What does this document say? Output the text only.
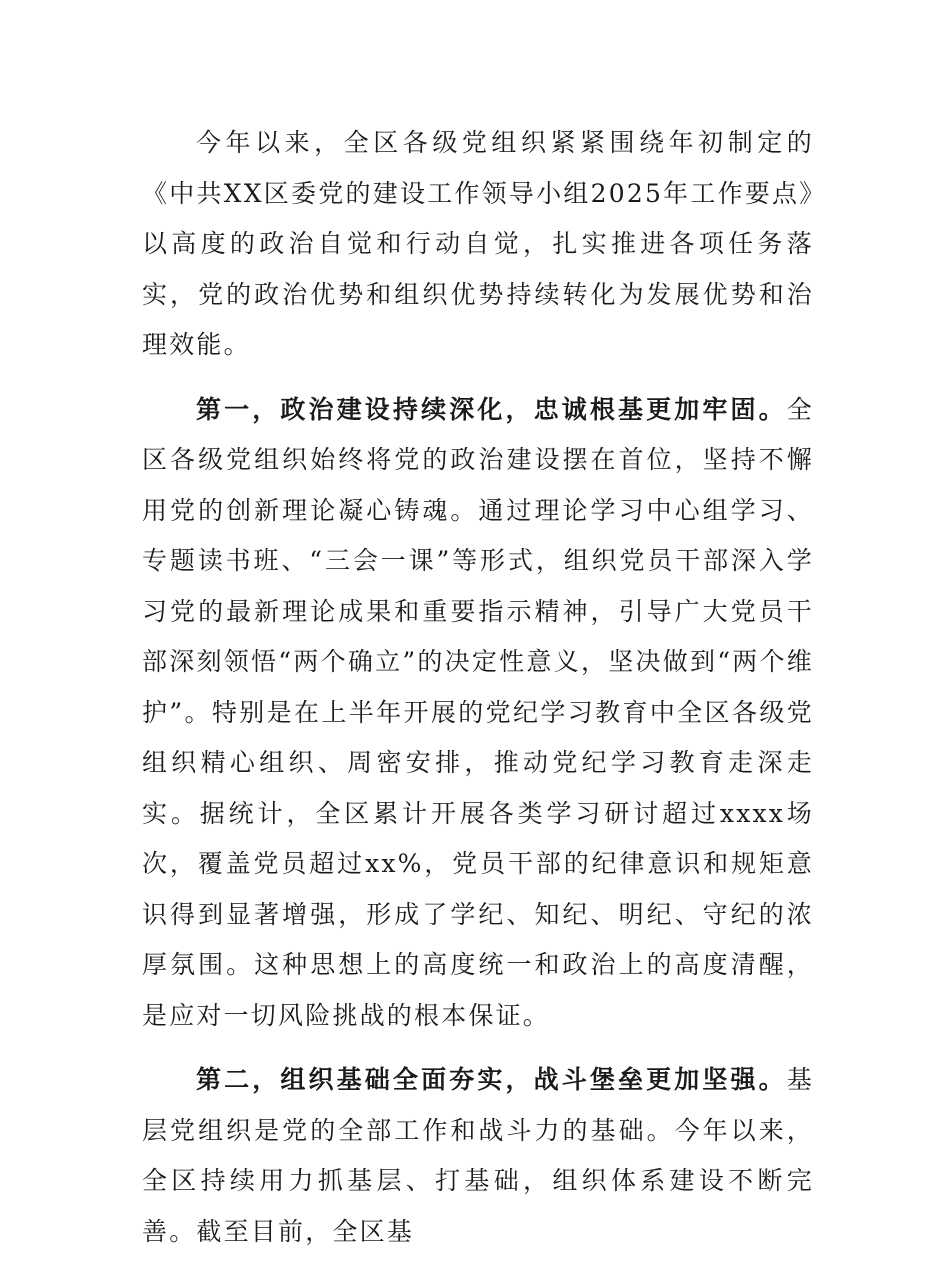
今年以来，全区各级党组织紧紧围绕年初制定的《中共XX区委党的建设工作领导小组2025年工作要点》以高度的政治自觉和行动自觉，扎实推进各项任务落实，党的政治优势和组织优势持续转化为发展优势和治理效能。

第一，政治建设持续深化，忠诚根基更加牢固。全区各级党组织始终将党的政治建设摆在首位，坚持不懈用党的创新理论凝心铸魂。通过理论学习中心组学习、专题读书班、“三会一课”等形式，组织党员干部深入学习党的最新理论成果和重要指示精神，引导广大党员干部深刻领悟“两个确立”的决定性意义，坚决做到“两个维护”。特别是在上半年开展的党纪学习教育中全区各级党组织精心组织、周密安排，推动党纪学习教育走深走实。据统计，全区累计开展各类学习研讨超过xxxx场次，覆盖党员超过xx%，党员干部的纪律意识和规矩意识得到显著增强，形成了学纪、知纪、明纪、守纪的浓厚氛围。这种思想上的高度统一和政治上的高度清醒，是应对一切风险挑战的根本保证。

第二，组织基础全面夯实，战斗堡垒更加坚强。基层党组织是党的全部工作和战斗力的基础。今年以来，全区持续用力抓基层、打基础，组织体系建设不断完善。截至目前，全区基
